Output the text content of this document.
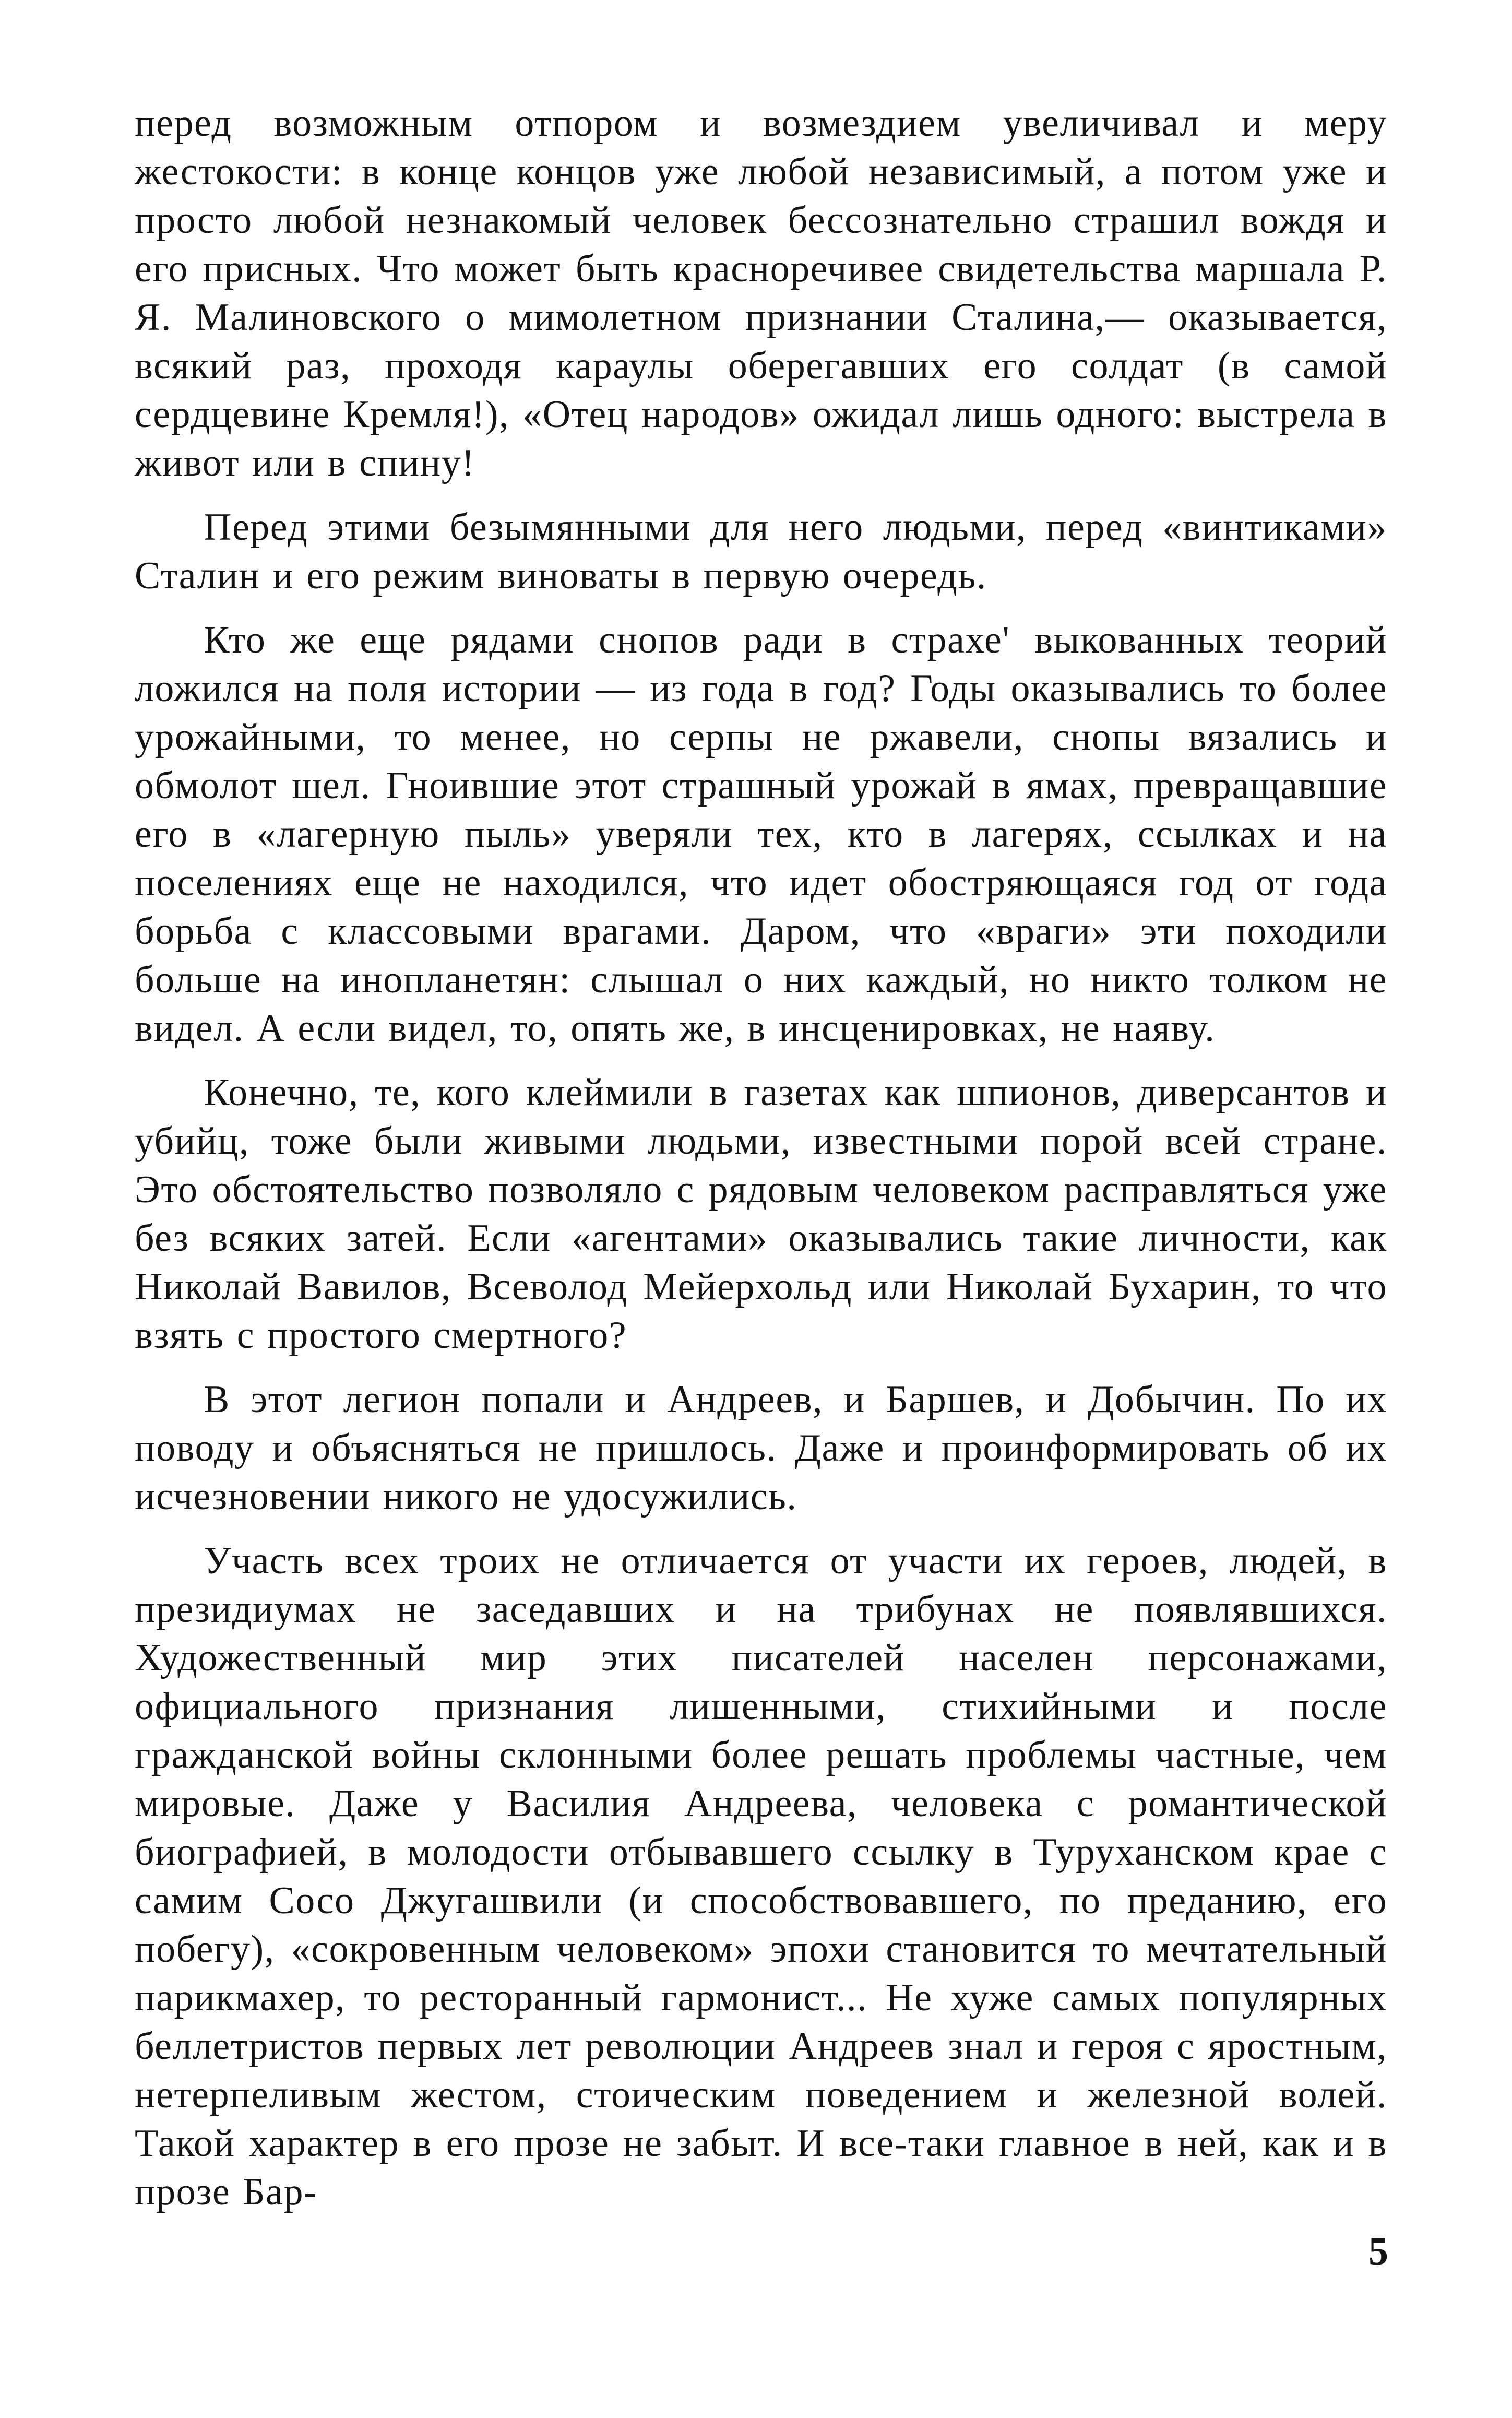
перед возможным отпором и возмездием увеличивал и меру жестокости: в конце концов уже любой независимый, а потом уже и просто любой незнакомый человек бессознательно страшил вождя и его присных. Что может быть красноречивее свидетельства маршала Р. Я. Малиновского о мимолетном признании Сталина,— оказывается, всякий раз, проходя караулы оберегавших его солдат (в самой сердцевине Кремля!), «Отец народов» ожидал лишь одного: выстрела в живот или в спину!

Перед этими безымянными для него людьми, перед «винтиками» Сталин и его режим виноваты в первую очередь.

Кто же еще рядами снопов ради в страхе' выкованных теорий ложился на поля истории — из года в год? Годы оказывались то более урожайными, то менее, но серпы не ржавели, снопы вязались и обмолот шел. Гноившие этот страшный урожай в ямах, превращавшие его в «лагерную пыль» уверяли тех, кто в лагерях, ссылках и на поселениях еще не находился, что идет обостряющаяся год от года борьба с классовыми врагами. Даром, что «враги» эти походили больше на инопланетян: слышал о них каждый, но никто толком не видел. А если видел, то, опять же, в инсценировках, не наяву.

Конечно, те, кого клеймили в газетах как шпионов, диверсантов и убийц, тоже были живыми людьми, известными порой всей стране. Это обстоятельство позволяло с рядовым человеком расправляться уже без всяких затей. Если «агентами» оказывались такие личности, как Николай Вавилов, Всеволод Мейерхольд или Николай Бухарин, то что взять с простого смертного?

В этот легион попали и Андреев, и Баршев, и Добычин. По их поводу и объясняться не пришлось. Даже и проинформировать об их исчезновении никого не удосужились.

Участь всех троих не отличается от участи их героев, людей, в президиумах не заседавших и на трибунах не появлявшихся. Художественный мир этих писателей населен персонажами, официального признания лишенными, стихийными и после гражданской войны склонными более решать проблемы частные, чем мировые. Даже у Василия Андреева, человека с романтической биографией, в молодости отбывавшего ссылку в Туруханском крае с самим Сосо Джугашвили (и способствовавшего, по преданию, его побегу), «сокровенным человеком» эпохи становится то мечтательный парикмахер, то ресторанный гармонист... Не хуже самых популярных беллетристов первых лет революции Андреев знал и героя с яростным, нетерпеливым жестом, стоическим поведением и железной волей. Такой характер в его прозе не забыт. И все-таки главное в ней, как и в прозе Бар-

5
